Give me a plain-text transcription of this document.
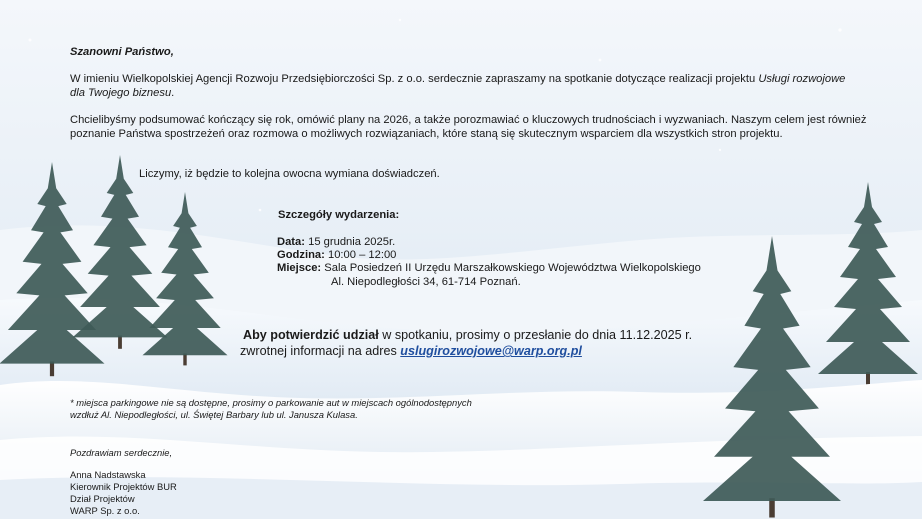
Szanowni Państwo,
W imieniu Wielkopolskiej Agencji Rozwoju Przedsiębiorczości Sp. z o.o. serdecznie zapraszamy na spotkanie dotyczące realizacji projektu Usługi rozwojowe dla Twojego biznesu.
Chcielibyśmy podsumować kończący się rok, omówić plany na 2026, a także porozmawiać o kluczowych trudnościach i wyzwaniach. Naszym celem jest również poznanie Państwa spostrzeżeń oraz rozmowa o możliwych rozwiązaniach, które staną się skutecznym wsparciem dla wszystkich stron projektu.
Liczymy, iż będzie to kolejna owocna wymiana doświadczeń.
Szczegóły wydarzenia:
Data: 15 grudnia 2025r.
Godzina: 10:00 – 12:00
Miejsce: Sala Posiedzeń II Urzędu Marszałkowskiego Województwa Wielkopolskiego
Al. Niepodległości 34, 61-714 Poznań.
Aby potwierdzić udział w spotkaniu, prosimy o przesłanie do dnia 11.12.2025 r.
zwrotnej informacji na adres uslugirozwojowe@warp.org.pl
* miejsca parkingowe nie są dostępne, prosimy o parkowanie aut w miejscach ogólnodostępnych
wzdłuż Al. Niepodległości, ul. Świętej Barbary lub ul. Janusza Kulasa.
Pozdrawiam serdecznie,
Anna Nadstawska
Kierownik Projektów BUR
Dział Projektów
WARP Sp. z o.o.
